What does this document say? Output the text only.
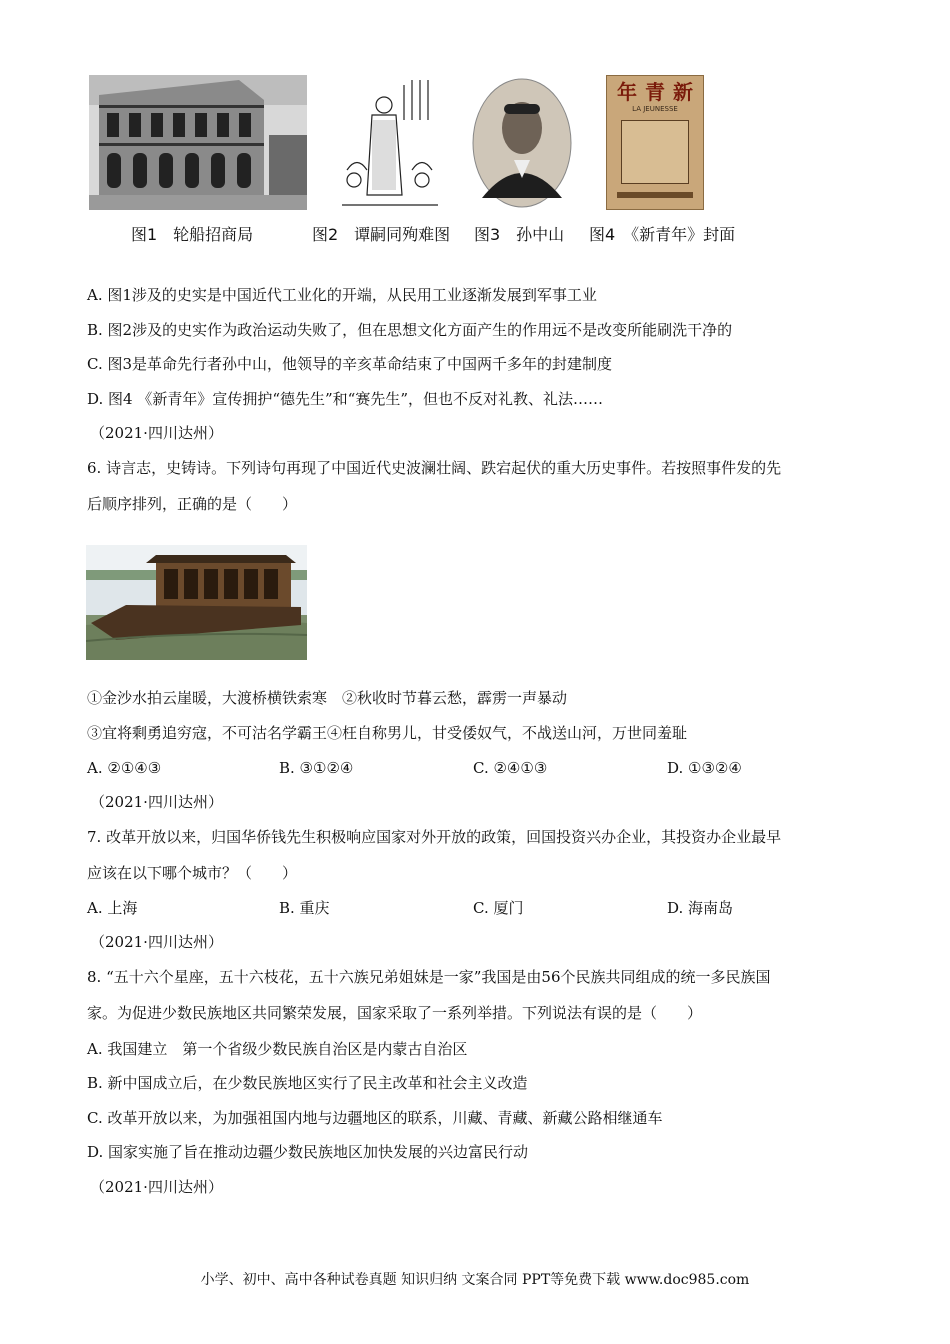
年 青 新
LA JEUNESSE
图1　轮船招商局	图2　谭嗣同殉难图 图3　孙中山 图4　《新青年》封面
A. 图1涉及的史实是中国近代工业化的开端，从民用工业逐渐发展到军事工业
B. 图2涉及的史实作为政治运动失败了，但在思想文化方面产生的作用远不是改变所能刷洗干净的
C. 图3是革命先行者孙中山，他领导的辛亥革命结束了中国两千多年的封建制度
D. 图4 《新青年》宣传拥护“德先生”和“赛先生”，但也不反对礼教、礼法……
（2021·四川达州）
6. 诗言志，史铸诗。下列诗句再现了中国近代史波澜壮阔、跌宕起伏的重大历史事件。若按照事件发的先
后顺序排列，正确的是（　　）
①金沙水拍云崖暖，大渡桥横铁索寒　②秋收时节暮云愁，霹雳一声暴动
③宜将剩勇追穷寇，不可沽名学霸王④枉自称男儿，甘受倭奴气，不战送山河，万世同羞耻
A. ②①④③	B. ③①②④	C. ②④①③	D. ①③②④
（2021·四川达州）
7. 改革开放以来，归国华侨钱先生积极响应国家对外开放的政策，回国投资兴办企业，其投资办企业最早
应该在以下哪个城市？（　　）
A. 上海	B. 重庆	C. 厦门	D. 海南岛
（2021·四川达州）
8. “五十六个星座，五十六枝花，五十六族兄弟姐妹是一家”我国是由56个民族共同组成的统一多民族国
家。为促进少数民族地区共同繁荣发展，国家采取了一系列举措。下列说法有误的是（　　）
A. 我国建立　第一个省级少数民族自治区是内蒙古自治区
B. 新中国成立后，在少数民族地区实行了民主改革和社会主义改造
C. 改革开放以来，为加强祖国内地与边疆地区的联系，川藏、青藏、新藏公路相继通车
D. 国家实施了旨在推动边疆少数民族地区加快发展的兴边富民行动
（2021·四川达州）
小学、初中、高中各种试卷真题 知识归纳 文案合同 PPT等免费下载 www.doc985.com
